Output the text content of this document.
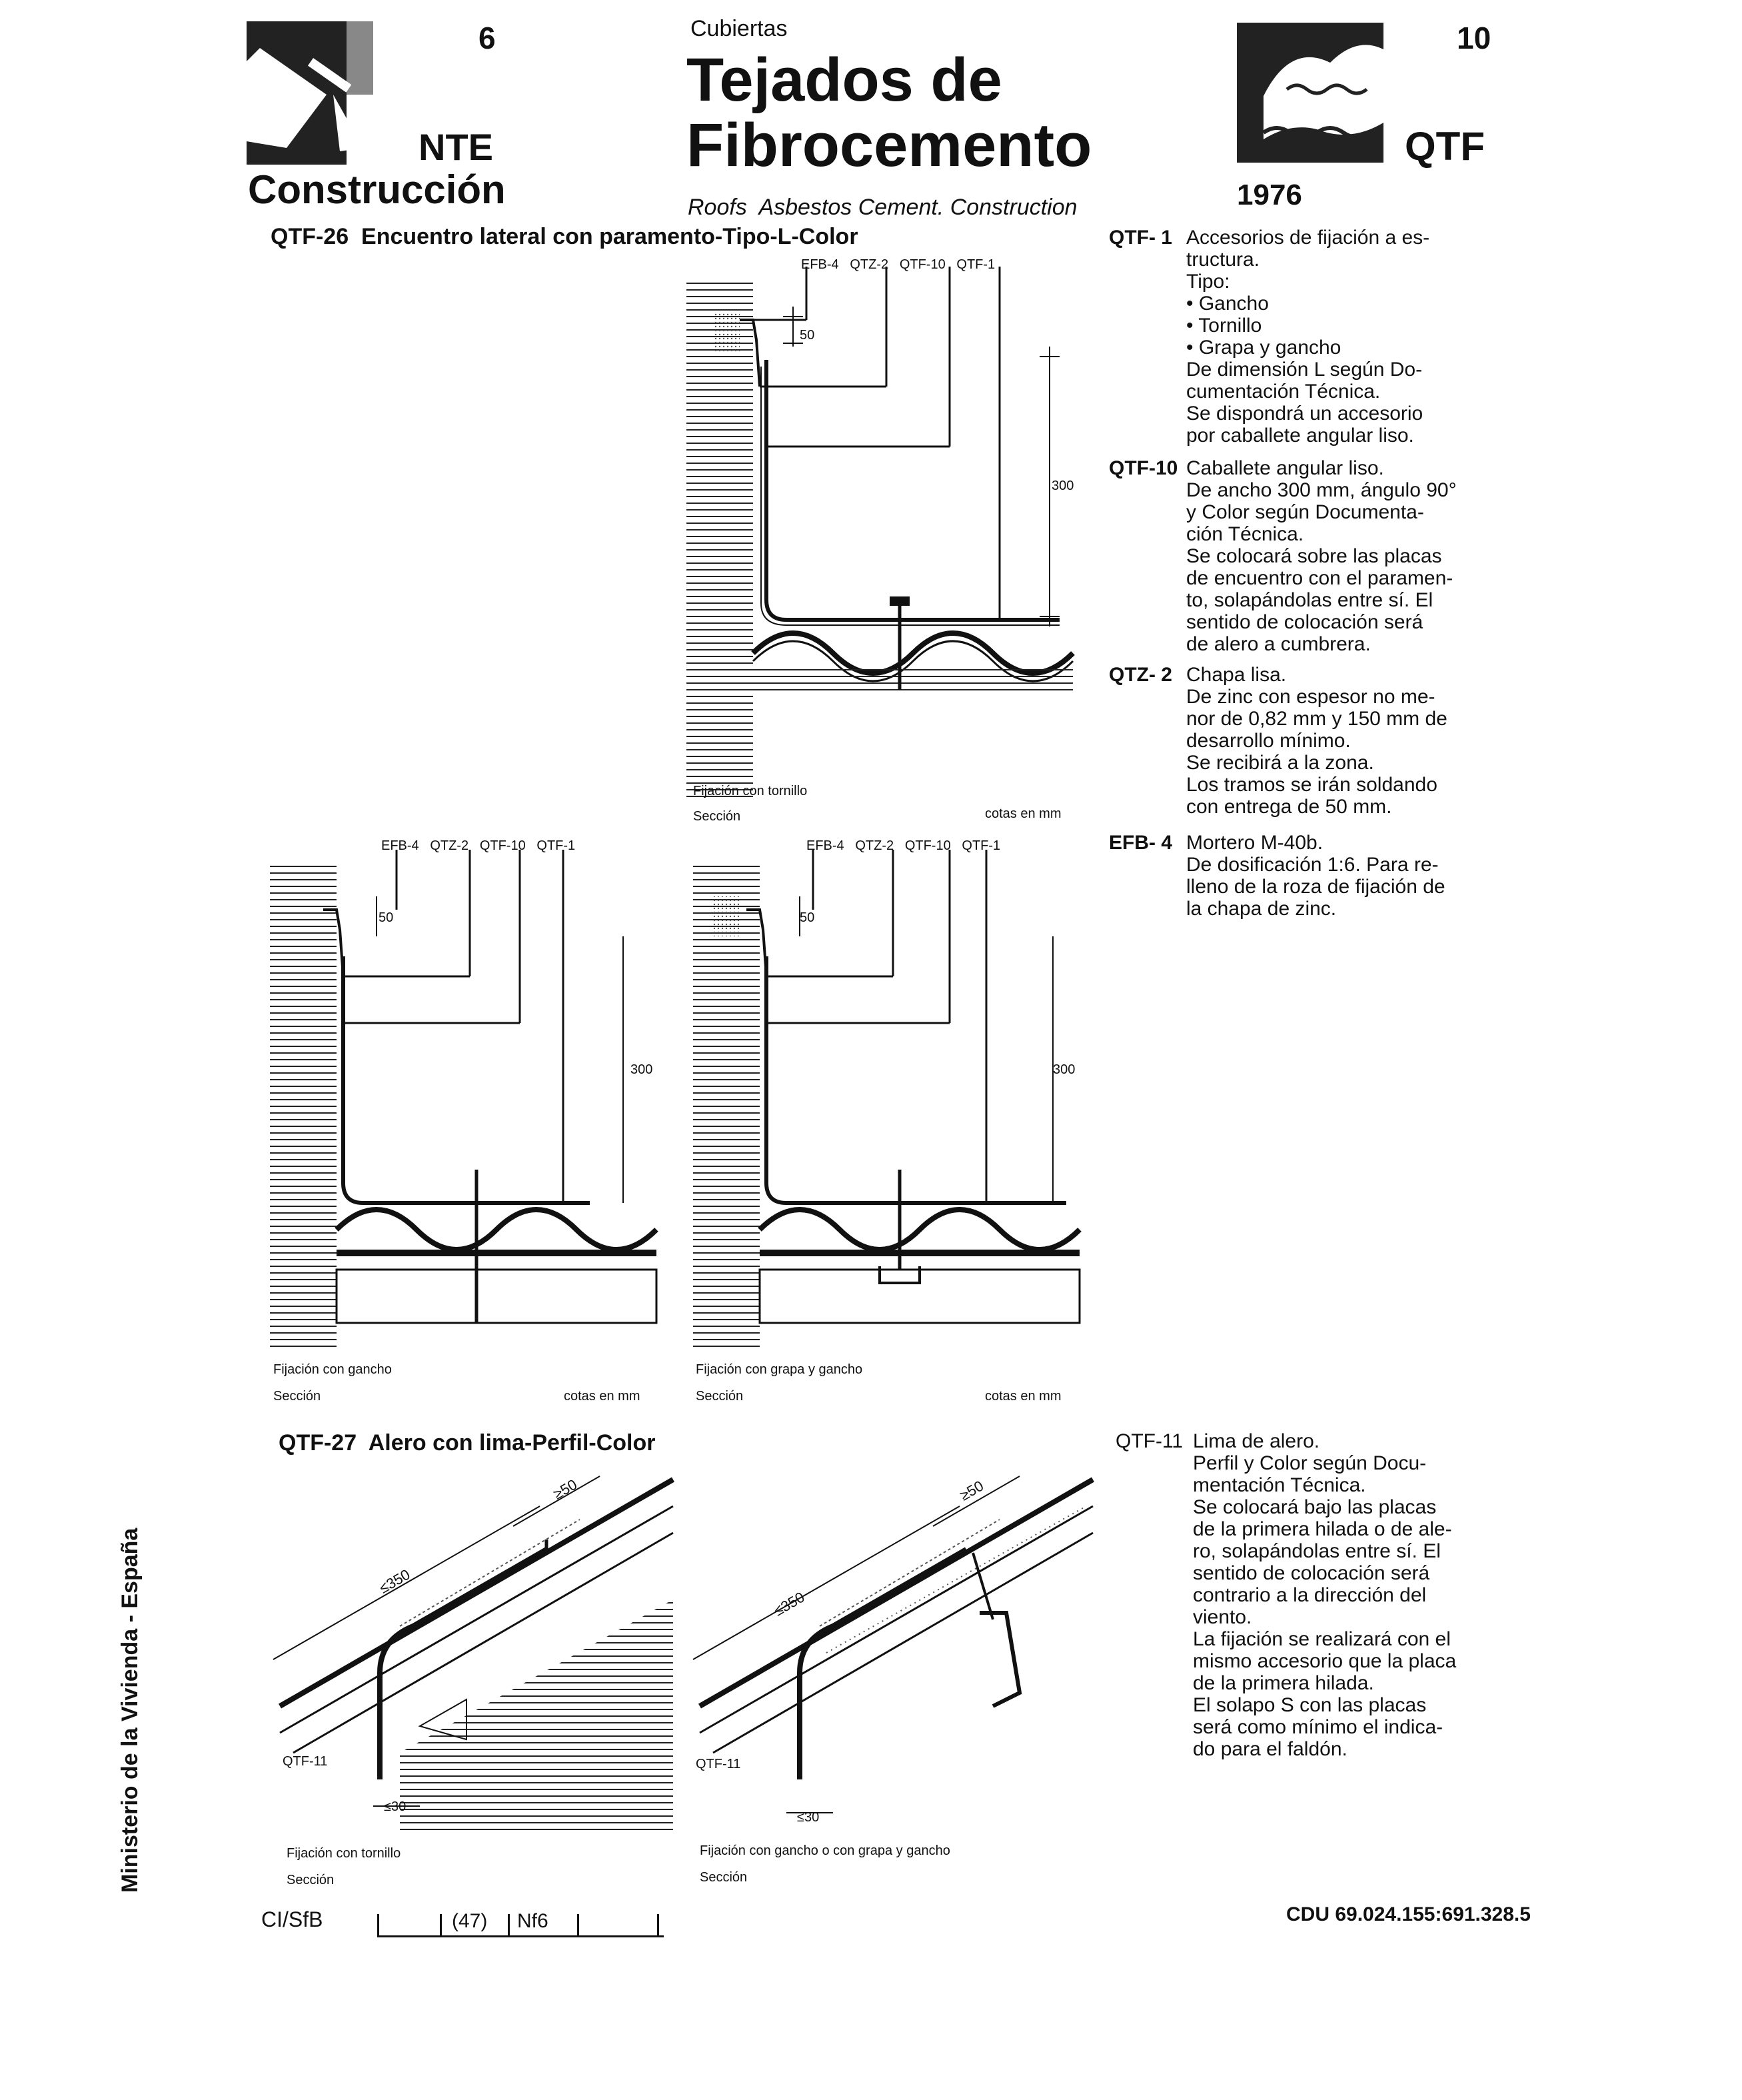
6
NTE
Construcción
Cubiertas
Tejados de
Fibrocemento
Roofs  Asbestos Cement. Construction
10
QTF
1976
QTF-26  Encuentro lateral con paramento-Tipo-L-Color
EFB-4 QTZ-2 QTF-10 QTF-1
50
300
Fijación con tornillo
Sección	cotas en mm
EFB-4 QTZ-2 QTF-10 QTF-1
50
300
Fijación con gancho
Sección	cotas en mm
EFB-4 QTZ-2 QTF-10 QTF-1
50
300
Fijación con grapa y gancho
Sección	cotas en mm
QTF-27  Alero con lima-Perfil-Color
≥50
≤350
≤30
QTF-11
Fijación con tornillo
Sección
≥50
≤350
≤30
QTF-11
Fijación con gancho o con grapa y gancho
Sección
QTF- 1 Accesorios de fijación a es-
tructura.
Tipo:
• Gancho
• Tornillo
• Grapa y gancho
De dimensión L según Do-
cumentación Técnica.
Se dispondrá un accesorio
por caballete angular liso.
QTF-10 Caballete angular liso.
De ancho 300 mm, ángulo 90°
y Color según Documenta-
ción Técnica.
Se colocará sobre las placas
de encuentro con el paramen-
to, solapándolas entre sí. El
sentido de colocación será
de alero a cumbrera.
QTZ- 2 Chapa lisa.
De zinc con espesor no me-
nor de 0,82 mm y 150 mm de
desarrollo mínimo.
Se recibirá a la zona.
Los tramos se irán soldando
con entrega de 50 mm.
EFB- 4 Mortero M-40b.
De dosificación 1:6. Para re-
lleno de la roza de fijación de
la chapa de zinc.
QTF-11 Lima de alero.
Perfil y Color según Docu-
mentación Técnica.
Se colocará bajo las placas
de la primera hilada o de ale-
ro, solapándolas entre sí. El
sentido de colocación será
contrario a la dirección del
viento.
La fijación se realizará con el
mismo accesorio que la placa
de la primera hilada.
El solapo S con las placas
será como mínimo el indica-
do para el faldón.
Ministerio de la Vivienda - España
CI/SfB	(47) Nf6	CDU 69.024.155:691.328.5
